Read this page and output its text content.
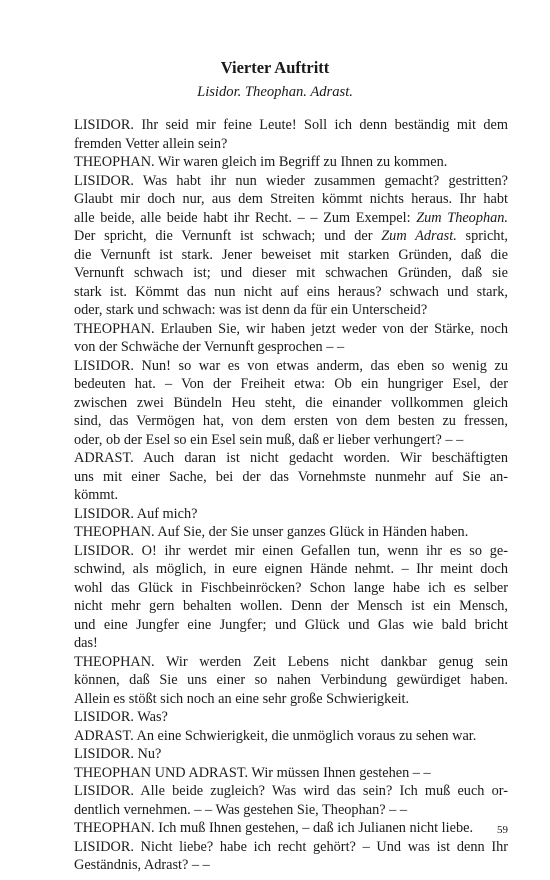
Vierter Auftritt
Lisidor. Theophan. Adrast.
LISIDOR. Ihr seid mir feine Leute! Soll ich denn beständig mit dem
fremden Vetter allein sein?
THEOPHAN. Wir waren gleich im Begriff zu Ihnen zu kommen.
LISIDOR. Was habt ihr nun wieder zusammen gemacht? gestritten?
Glaubt mir doch nur, aus dem Streiten kömmt nichts heraus. Ihr habt
alle beide, alle beide habt ihr Recht. – – Zum Exempel: Zum Theophan.
Der spricht, die Vernunft ist schwach; und der Zum Adrast. spricht,
die Vernunft ist stark. Jener beweiset mit starken Gründen, daß die
Vernunft schwach ist; und dieser mit schwachen Gründen, daß sie
stark ist. Kömmt das nun nicht auf eins heraus? schwach und stark,
oder, stark und schwach: was ist denn da für ein Unterscheid?
THEOPHAN. Erlauben Sie, wir haben jetzt weder von der Stärke, noch
von der Schwäche der Vernunft gesprochen – –
LISIDOR. Nun! so war es von etwas anderm, das eben so wenig zu
bedeuten hat. – Von der Freiheit etwa: Ob ein hungriger Esel, der
zwischen zwei Bündeln Heu steht, die einander vollkommen gleich
sind, das Vermögen hat, von dem ersten von dem besten zu fressen,
oder, ob der Esel so ein Esel sein muß, daß er lieber verhungert? – –
ADRAST. Auch daran ist nicht gedacht worden. Wir beschäftigten
uns mit einer Sache, bei der das Vornehmste nunmehr auf Sie an-
kömmt.
LISIDOR. Auf mich?
THEOPHAN. Auf Sie, der Sie unser ganzes Glück in Händen haben.
LISIDOR. O! ihr werdet mir einen Gefallen tun, wenn ihr es so ge-
schwind, als möglich, in eure eignen Hände nehmt. – Ihr meint doch
wohl das Glück in Fischbeinröcken? Schon lange habe ich es selber
nicht mehr gern behalten wollen. Denn der Mensch ist ein Mensch,
und eine Jungfer eine Jungfer; und Glück und Glas wie bald bricht
das!
THEOPHAN. Wir werden Zeit Lebens nicht dankbar genug sein
können, daß Sie uns einer so nahen Verbindung gewürdiget haben.
Allein es stößt sich noch an eine sehr große Schwierigkeit.
LISIDOR. Was?
ADRAST. An eine Schwierigkeit, die unmöglich voraus zu sehen war.
LISIDOR. Nu?
THEOPHAN UND ADRAST. Wir müssen Ihnen gestehen – –
LISIDOR. Alle beide zugleich? Was wird das sein? Ich muß euch or-
dentlich vernehmen. – – Was gestehen Sie, Theophan? – –
THEOPHAN. Ich muß Ihnen gestehen, – daß ich Julianen nicht liebe.
LISIDOR. Nicht liebe? habe ich recht gehört? – Und was ist denn Ihr
Geständnis, Adrast? – –
59
